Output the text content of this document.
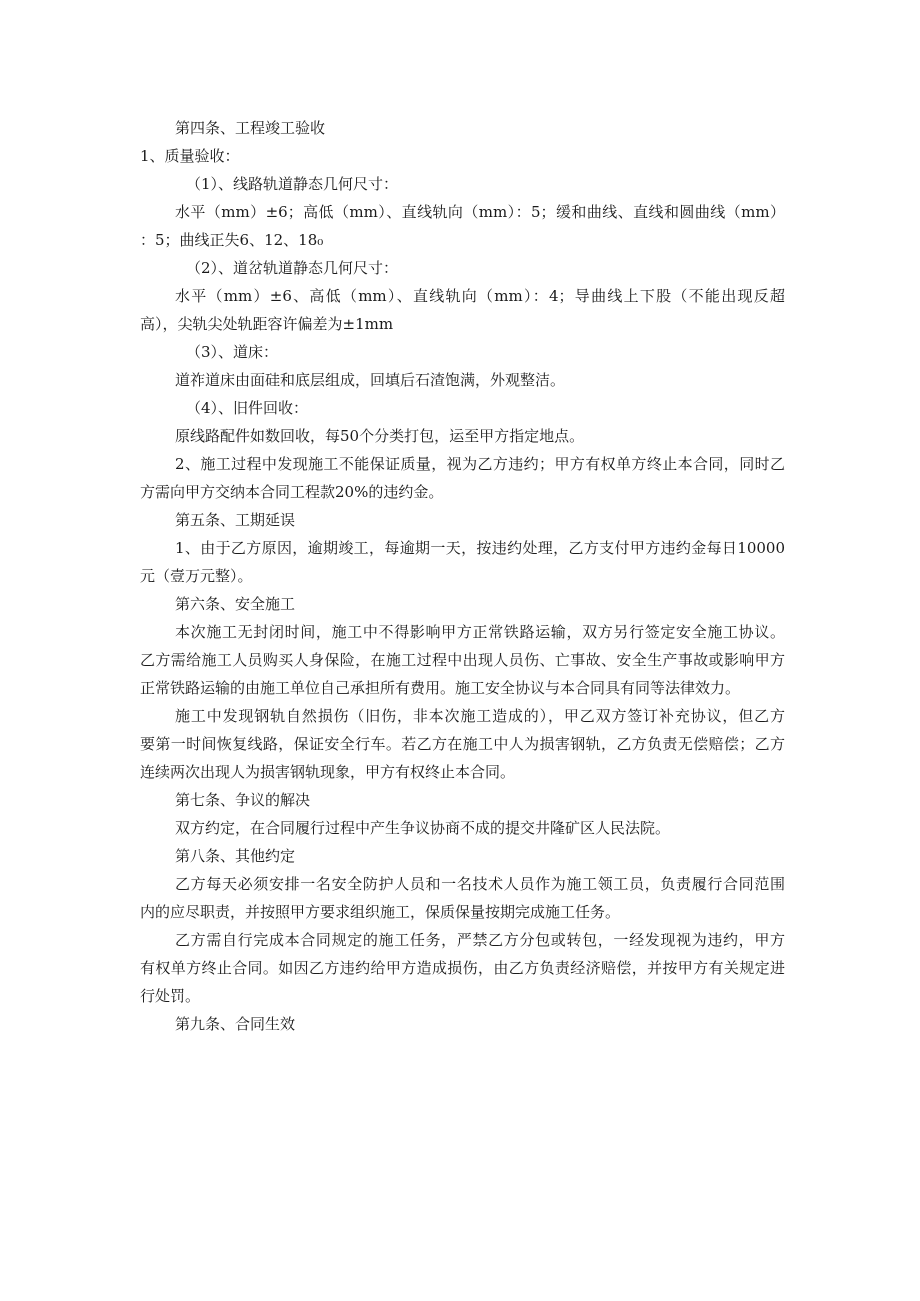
第四条、工程竣工验收
1、质量验收：
（1）、线路轨道静态几何尺寸：
水平（mm）±6；高低（mm）、直线轨向（mm）：5；缓和曲线、直线和圆曲线（mm）
：5；曲线正失6、12、18₀
（2）、道岔轨道静态几何尺寸：
水平（mm）±6、高低（mm）、直线轨向（mm）：4；导曲线上下股（不能出现反超
高），尖轨尖处轨距容许偏差为±1mm
（3）、道床：
道祚道床由面硅和底层组成，回填后石渣饱满，外观整洁。
（4）、旧件回收：
原线路配件如数回收，每50个分类打包，运至甲方指定地点。
2、施工过程中发现施工不能保证质量，视为乙方违约；甲方有权单方终止本合同，同时乙
方需向甲方交纳本合同工程款20%的违约金。
第五条、工期延误
1、由于乙方原因，逾期竣工，每逾期一天，按违约处理，乙方支付甲方违约金每日10000
元（壹万元整）。
第六条、安全施工
本次施工无封闭时间，施工中不得影响甲方正常铁路运输，双方另行签定安全施工协议。
乙方需给施工人员购买人身保险，在施工过程中出现人员伤、亡事故、安全生产事故或影响甲方
正常铁路运输的由施工单位自己承担所有费用。施工安全协议与本合同具有同等法律效力。
施工中发现钢轨自然损伤（旧伤，非本次施工造成的），甲乙双方签订补充协议，但乙方
要第一时间恢复线路，保证安全行车。若乙方在施工中人为损害钢轨，乙方负责无偿赔偿；乙方
连续两次出现人为损害钢轨现象，甲方有权终止本合同。
第七条、争议的解决
双方约定，在合同履行过程中产生争议协商不成的提交井隆矿区人民法院。
第八条、其他约定
乙方每天必须安排一名安全防护人员和一名技术人员作为施工领工员，负责履行合同范围
内的应尽职责，并按照甲方要求组织施工，保质保量按期完成施工任务。
乙方需自行完成本合同规定的施工任务，严禁乙方分包或转包，一经发现视为违约，甲方
有权单方终止合同。如因乙方违约给甲方造成损伤，由乙方负责经济赔偿，并按甲方有关规定进
行处罚。
第九条、合同生效
